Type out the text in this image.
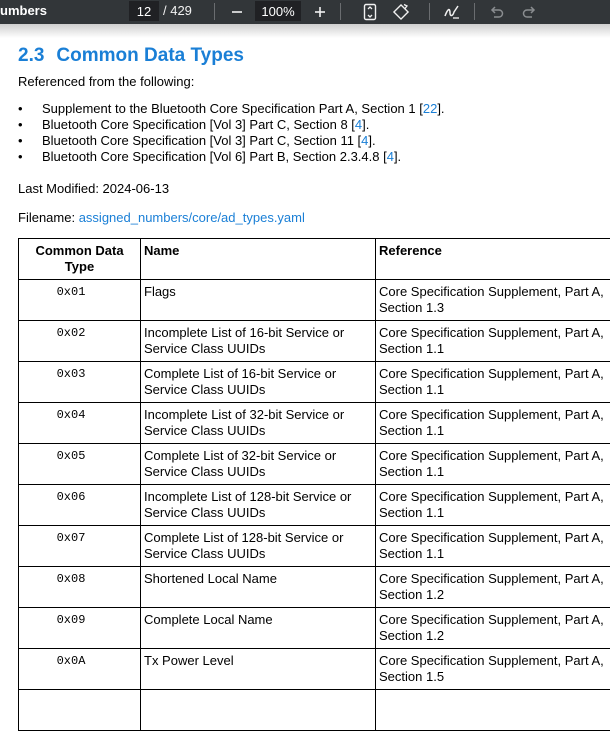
umbers
12	/ 429
100%
2.3 Common Data Types
Referenced from the following:
• Supplement to the Bluetooth Core Specification Part A, Section 1 [22].
• Bluetooth Core Specification [Vol 3] Part C, Section 8 [4].
• Bluetooth Core Specification [Vol 3] Part C, Section 11 [4].
• Bluetooth Core Specification [Vol 6] Part B, Section 2.3.4.8 [4].
Last Modified: 2024-06-13
Filename: assigned_numbers/core/ad_types.yaml
Common Data Type	Name	Reference
0x01	Flags	Core Specification Supplement, Part A, Section 1.3
0x02	Incomplete List of 16-bit Service or Service Class UUIDs	Core Specification Supplement, Part A, Section 1.1
0x03	Complete List of 16-bit Service or Service Class UUIDs	Core Specification Supplement, Part A, Section 1.1
0x04	Incomplete List of 32-bit Service or Service Class UUIDs	Core Specification Supplement, Part A, Section 1.1
0x05	Complete List of 32-bit Service or Service Class UUIDs	Core Specification Supplement, Part A, Section 1.1
0x06	Incomplete List of 128-bit Service or Service Class UUIDs	Core Specification Supplement, Part A, Section 1.1
0x07	Complete List of 128-bit Service or Service Class UUIDs	Core Specification Supplement, Part A, Section 1.1
0x08	Shortened Local Name	Core Specification Supplement, Part A, Section 1.2
0x09	Complete Local Name	Core Specification Supplement, Part A, Section 1.2
0x0A	Tx Power Level	Core Specification Supplement, Part A, Section 1.5
